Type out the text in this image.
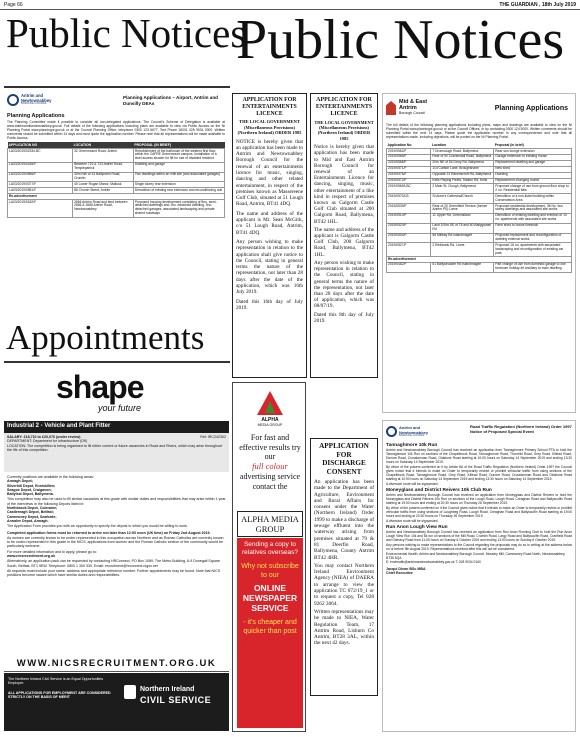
Page 66	THE GUARDIAN , 18th July 2019
Public Notices
Public Notices
Antrim and
Newtownabbey
BOROUGH COUNCIL
Planning Applications – Airport, Antrim and Dunsilly DEAs
Planning Applications
The Planning Committee made it possible to consider all non-delegated applications. The Council's Scheme of Delegation is available at www.antrimandnewtownabbey.gov.uk. Full details of the following applications including plans are available to view via Public Access on the NI Planning Portal www.planningni.gov.uk or at the Council Planning Office, telephone 0300 123 6677, Text Phone 18001 028 9034 0000. Written comments should be submitted within 14 days and must quote the application number. Please note that all representations will be made available to Public Access.
APPLICATION NO	LOCATION	PROPOSAL (IN BRIEF)
LA03/2019/0233/LBC	32 Greenmount Road, Antrim	Refurbishment of the bathroom of the western first floor, within the CAFRE Greenmount campus. Installation of a level access shower for lift for use of disabled resident.
LA03/2019/0435/F	Between 719 & 723 Antrim Road, Templepatrick	Dwelling and garage
LA03/2019/0556/F	30m NW of 33 Ballyrobin Road, Crumlin	Two dwellings within an infill site (and associated garages)
LA03/2019/0077/F	40 Lower Rogan Manor, Mallusk	Single storey rear extension
LA03/2019/0551/F	86 Church Street, Antrim	Demolition of existing rear extension and reconditioning unit
Re-advertisement		
LA03/2019/0182/F	2666 Antrim Road and land between 2666 & 2668 Antrim Road, Newtownabbey	Proposed housing development consisting of 8no. semi-detached dwellings and 1no. detached dwelling, 9no. detached garages, associated landscaping and private shared roadways
Appointments
shape
your future
Industrial 2 - Vehicle and Plant Fitter
SALARY: £18,710 to £20,076 (under review)	Ref: IRC242302
DEPARTMENT: Department for Infrastructure (DfI)
LOCATION: The competition is being organised to fill either current or future vacancies in Road and Rivers, which may arise throughout the life of this competition.
Currently positions are available in the following areas:
Armagh Depot;
Silverhill Depot, Enniskillen;
Seagoe Depot, Craigavon;
Ballyleal Depot, Ballymena.
This competition may also be used to fill similar vacancies at this grade with similar duties and responsibilities that may arise within 1 year of the interviews in the following Depots listed in:
Northbrook Depot, Coleraine;
Castlereagh Depot, Belfast;
Carnmoney Depot, Seaforde;
Annalee Depot, Armagh.
The Application Form provides you with an opportunity to specify the depots in which you would be willing to work.
Completed application forms must be returned to arrive not later than 12:00 noon (UK time) on Friday 2nd August 2019.
As women are currently known to be under-represented in this occupation across Northern and as Roman Catholics are currently known to be under-represented in this grade in the NICS, applications from women and the Roman Catholic section of the community would be particularly welcome.
For more detailed information and to apply, please go to:
www.nicsrecruitment.org.uk
Alternatively, an application pack can be requested by contacting HRConnect, PO Box 1089, The Metro Building, 6-9 Donegall Square South, Belfast, BT1 9EW. Telephone: 0800 1 300 330. Email: recruitment@hrconnect.nigov.net
All requests must include your name, address and appropriate reference number. Further appointments may be found. Note that NICS positions become vacant which have similar duties and responsibilities.
WWW.NICSRECRUITMENT.ORG.UK
The Northern Ireland Civil Service is an Equal Opportunities Employer.
ALL APPLICATIONS FOR EMPLOYMENT ARE CONSIDERED STRICTLY ON THE BASIS OF MERIT
Northern Ireland
CIVIL SERVICE
APPLICATION FOR ENTERTAINMENTS LICENCE
THE LOCAL GOVERNMENT (Miscellaneous Provisions) (Northern Ireland) ORDER 1985
NOTICE is hereby given that an application has been made to Antrim and Newtownabbey Borough Council for the renewal of an entertainments licence for music, singing, dancing and other related entertainment, in respect of the premises known as Massereene Golf Club, situated at 51 Lough Road, Antrim, BT41 4DQ.
The name and address of the applicant is Mr. Sean McGirk, c/o 51 Lough Road, Antrim, BT41 4DQ.
Any person wishing to make representation in relation to the application shall give notice to the Council, stating in general terms the nature of the representation, not later than 28 days after the date of the application, which was 16th July 2019.
Dated this 16th day of July 2019.
APPLICATION FOR ENTERTAINMENTS LICENCE
THE LOCAL GOVERNMENT (Miscellaneous Provisions) (Northern Ireland) ORDER 1985
Notice is hereby given that application has been made to Mid and East Antrim Borough Council for renewal of an Entertainments Licence for dancing, singing, music, other entertainment of a like kind in respect of premises known as Galgorm Castle Golf Club situated at 200 Galgorm Road, Ballymena, BT42 1HL.
The name and address of the applicant is Galgorm Castle Golf Club, 200 Galgorm Road, Ballymena, BT42 1HL.
Any person wishing to make representation in relation to the Council, stating in general terms the nature of the representation, not later than 28 days after the date of application, which was 08/07/19.
Dated this 8th day of July 2019.
Mid & East
Antrim
Borough Council
Planning Applications
The full details of the following planning applications including plans, maps and drawings are available to view on the NI Planning Portal www.planningni.gov.uk or at the Council Offices, or by contacting 0300 124 5000. Written comments should be submitted within the next 14 days. Please quote the application number in any correspondence and note that all representations made, including objections, will be posted on the NI Planning Portal.
Application No	Location	Proposal (in brief)
2019/0562/F	7 Drumsough Road, Ballymena	Rear sun lounge extension
2019/0565/F	Rear of 90 Cushendall Road, Ballymena	Garage extension to existing house
2019/0566/F	20m NE of 94 Drory Rd, Ballymena	Replacement dwelling and garage
2019/0571/F	114 Carlton Lane, Broughshane	New shed
2019/0576/F	Opposite 23 Ravenscroft Rd, Ballymena	Dwelling
2019/0572/F	Kells Playing Fields, Station Rd, Kells	Replacement changing rooms
2019/0569/LBC	2 Main St, Clough, Ballymena	Proposed change of use from ground floor shop to 2 no. Residential flats
2019/0570/LB	St Anne's Cathedral/Church	Demolition of a non-listed building within Conservation Area
2019/0539/F	Rear of 20 Greenfield Terrace (former Antrim PS) Larne	Proposed residential development, 36 No. two storey dwellings and associated site works
2019/0510/F	11 Upper Rd, Greenisland	Demolition of existing dwelling and erection of 10 no. apartments with associated site works
2019/0520/F	Land 100m SE of 78 and 80 Ballygowan Rd	Farm shed to house livestock
2019/0504/F	58 Millbay Rd Islandmagee	Proposed replacement and reconfiguration of dwelling external works
2019/0527/F	2 Redlands Rd, Larne	Proposed 16 no. apartments with associated landscaping and reconfiguration of existing car park
Re-advertisement		
2019/0482/F	51 Ballystrudder Rd Islandmagee	Part change of use from domestic garage to one bedroom holiday let ancillary to main dwelling
ALPHA
MEDIA GROUP
For fast and effective results try our
full colour
advertising service contact the
ALPHA MEDIA GROUP
Sending a copy to relatives overseas?
Why not subscribe to our
ONLINE NEWSPAPER SERVICE
- it's cheaper and quicker than post
APPLICATION FOR DISCHARGE CONSENT
An application has been made to the Department of Agriculture, Environment and Rural Affairs for consent under the Water (Northern Ireland) Order 1999 to make a discharge of sewage effluent into the waterway arising from premises situated at 79 & 81 Deerfin Road, Ballymena, County Antrim BT42 4HR.
You may contact Northern Ireland Environment Agency (NIEA) of DAERA to arrange to view the application TC 072/19_1 or to request a copy, Tel 028 9262 3064.
Written representations may be made to NIEA, Water Regulation Team, 17 Antrim Road, Lisburn Co Antrim, BT28 3AL, within the next 42 days.
Antrim and
Newtownabbey
BOROUGH COUNCIL
Road Traffic Regulation (Northern Ireland) Order 1997 Notice of Proposed Special Event
Tannaghmore 10k Run
Antrim and Newtownabbey Borough Council has received an application from Tannaghmore Primary School PTA to hold the Tannaghmore 10k Run on sections of the Chapelbrook Road, Tannaghmore Road, Thornhill Road, Grey Road, Killead Road, Dunore Road, Crosskennan Road, Oldstone Road starting at 10:00 hours on Saturday 14 September 2019 and ending 13:30 hours on Saturday 14 September 2019.
By virtue of the powers conferred on it by Article 8A of the Road Traffic Regulation (Northern Ireland) Order 1997 the Council gives notice that it intends to make an Order to temporarily restrict or prohibit vehicular traffic from using sections of the Chapelbrook Road, Tannaghmore Road, Grey Road, Killead Road, Dunore Road, Crosskennan Road and Oldstone Road starting at 10:00 hours on Saturday 14 September 2019 and ending 13:30 hours on Saturday 14 September 2019.
A diversion route will be signposted.
Moneyglass and District Reivers 10k Club Run
Antrim and Newtownabbey Borough Council has received an application from Moneyglass and District Reivers to hold the Moneyglass and District Reivers 10k Run on sections of the Lough Road, Lough Road, Creaghan Road and Ballysculfin Road starting at 19:00 hours and ending at 20:30 hours on Thursday 26 September 2019.
By virtue of the powers conferred on it the Council gives notice that it intends to make an Order to temporarily restrict or prohibit vehicular traffic from using sections of Loughbeg Road, Lough Road, Creaghan Road and Ballysculfin Road starting at 19:00 hours and ending at 20:30 hours on Thursday 26 September 2019.
A diversion route will be signposted.
Run Anon Lough View Run
Antrim and Newtownabbey Borough Council has received an application from Run Anon Running Club to hold the Run Anon Lough View Run 10k and 5k run on sections of the Mill Road, Crumlin Road, Largy Road and Ballysculfin Road, Cranfield Road and Glenavy Road from 11:00 hours on Sunday 6 October 2019 and ending 13:00 hours on Sunday 6 October 2019.
Any persons wishing to make representations to the Council regarding the proposals may do so in writing at the address below on or before 9th August 2019. Representations received after this will not be considered.
Environmental Health, Antrim and Newtownabbey Borough Council, Mossley Mill, Carnmoney Road North, Newtownabbey, BT36 5QA
E: envhealth@antrimandnewtownabbey.gov.uk T: 028 9034 0160
Jacqui Dixon BSc MBA
Chief Executive
